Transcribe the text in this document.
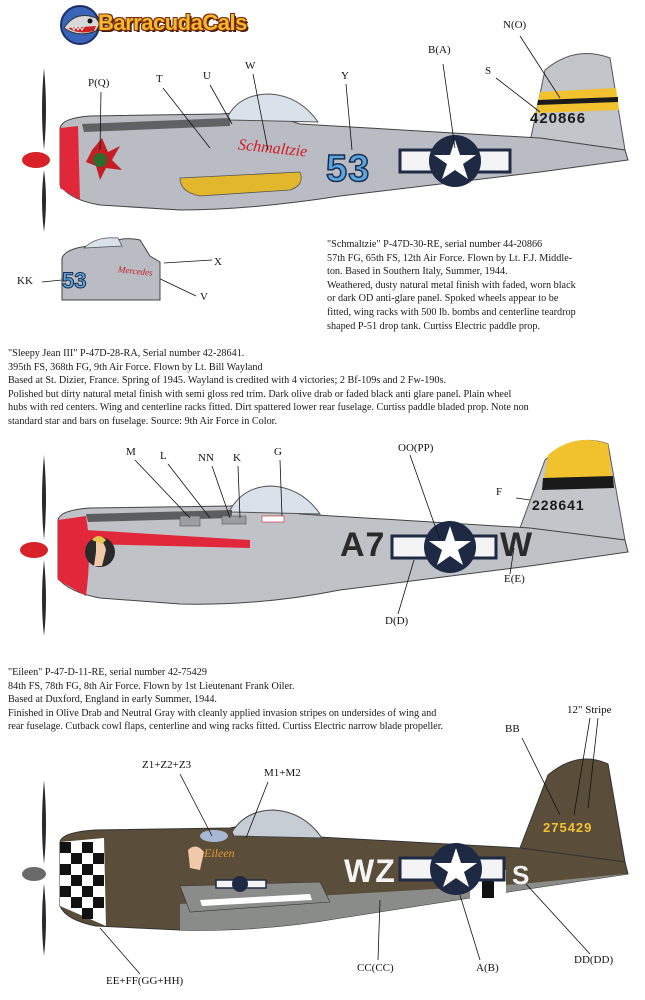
BarracudaCals
53
Schmaltzie
420866
P(Q)	T	U
W
Y
B(A)
N(O)
S
53	Mercedes
KK
X
V
"Schmaltzie" P-47D-30-RE, serial number 44-20866
57th FG, 65th FS, 12th Air Force. Flown by Lt. F.J. Middle-
ton. Based in Southern Italy, Summer, 1944.
Weathered, dusty natural metal finish with faded, worn black
or dark OD anti-glare panel. Spoked wheels appear to be
fitted, wing racks with 500 lb. bombs and centerline teardrop
shaped P-51 drop tank. Curtiss Electric paddle prop.
"Sleepy Jean III" P-47D-28-RA, Serial number 42-28641.
395th FS, 368th FG, 9th Air Force. Flown by Lt. Bill Wayland
Based at St. Dizier, France. Spring of 1945. Wayland is credited with 4 victories; 2 Bf-109s and 2 Fw-190s.
Polished but dirty natural metal finish with semi gloss red trim. Dark olive drab or faded black anti glare panel. Plain wheel
hubs with red centers. Wing and centerline racks fitted. Dirt spattered lower rear fuselage. Curtiss paddle bladed prop. Note non
standard star and bars on fuselage. Source: 9th Air Force in Color.
A7	W
228641
M L	NN K	G	OO(PP)
F
E(E)
D(D)
"Eileen" P-47-D-11-RE, serial number 42-75429
84th FS, 78th FG, 8th Air Force. Flown by 1st Lieutenant Frank Oiler.
Based at Duxford, England in early Summer, 1944.
Finished in Olive Drab and Neutral Gray with cleanly applied invasion stripes on undersides of wing and
rear fuselage. Cutback cowl flaps, centerline and wing racks fitted. Curtiss Electric narrow blade propeller.
WZ	S
275429
Eileen
12" Stripe
BB
Z1+Z2+Z3
M1+M2
CC(CC)	A(B)
DD(DD)
EE+FF(GG+HH)
